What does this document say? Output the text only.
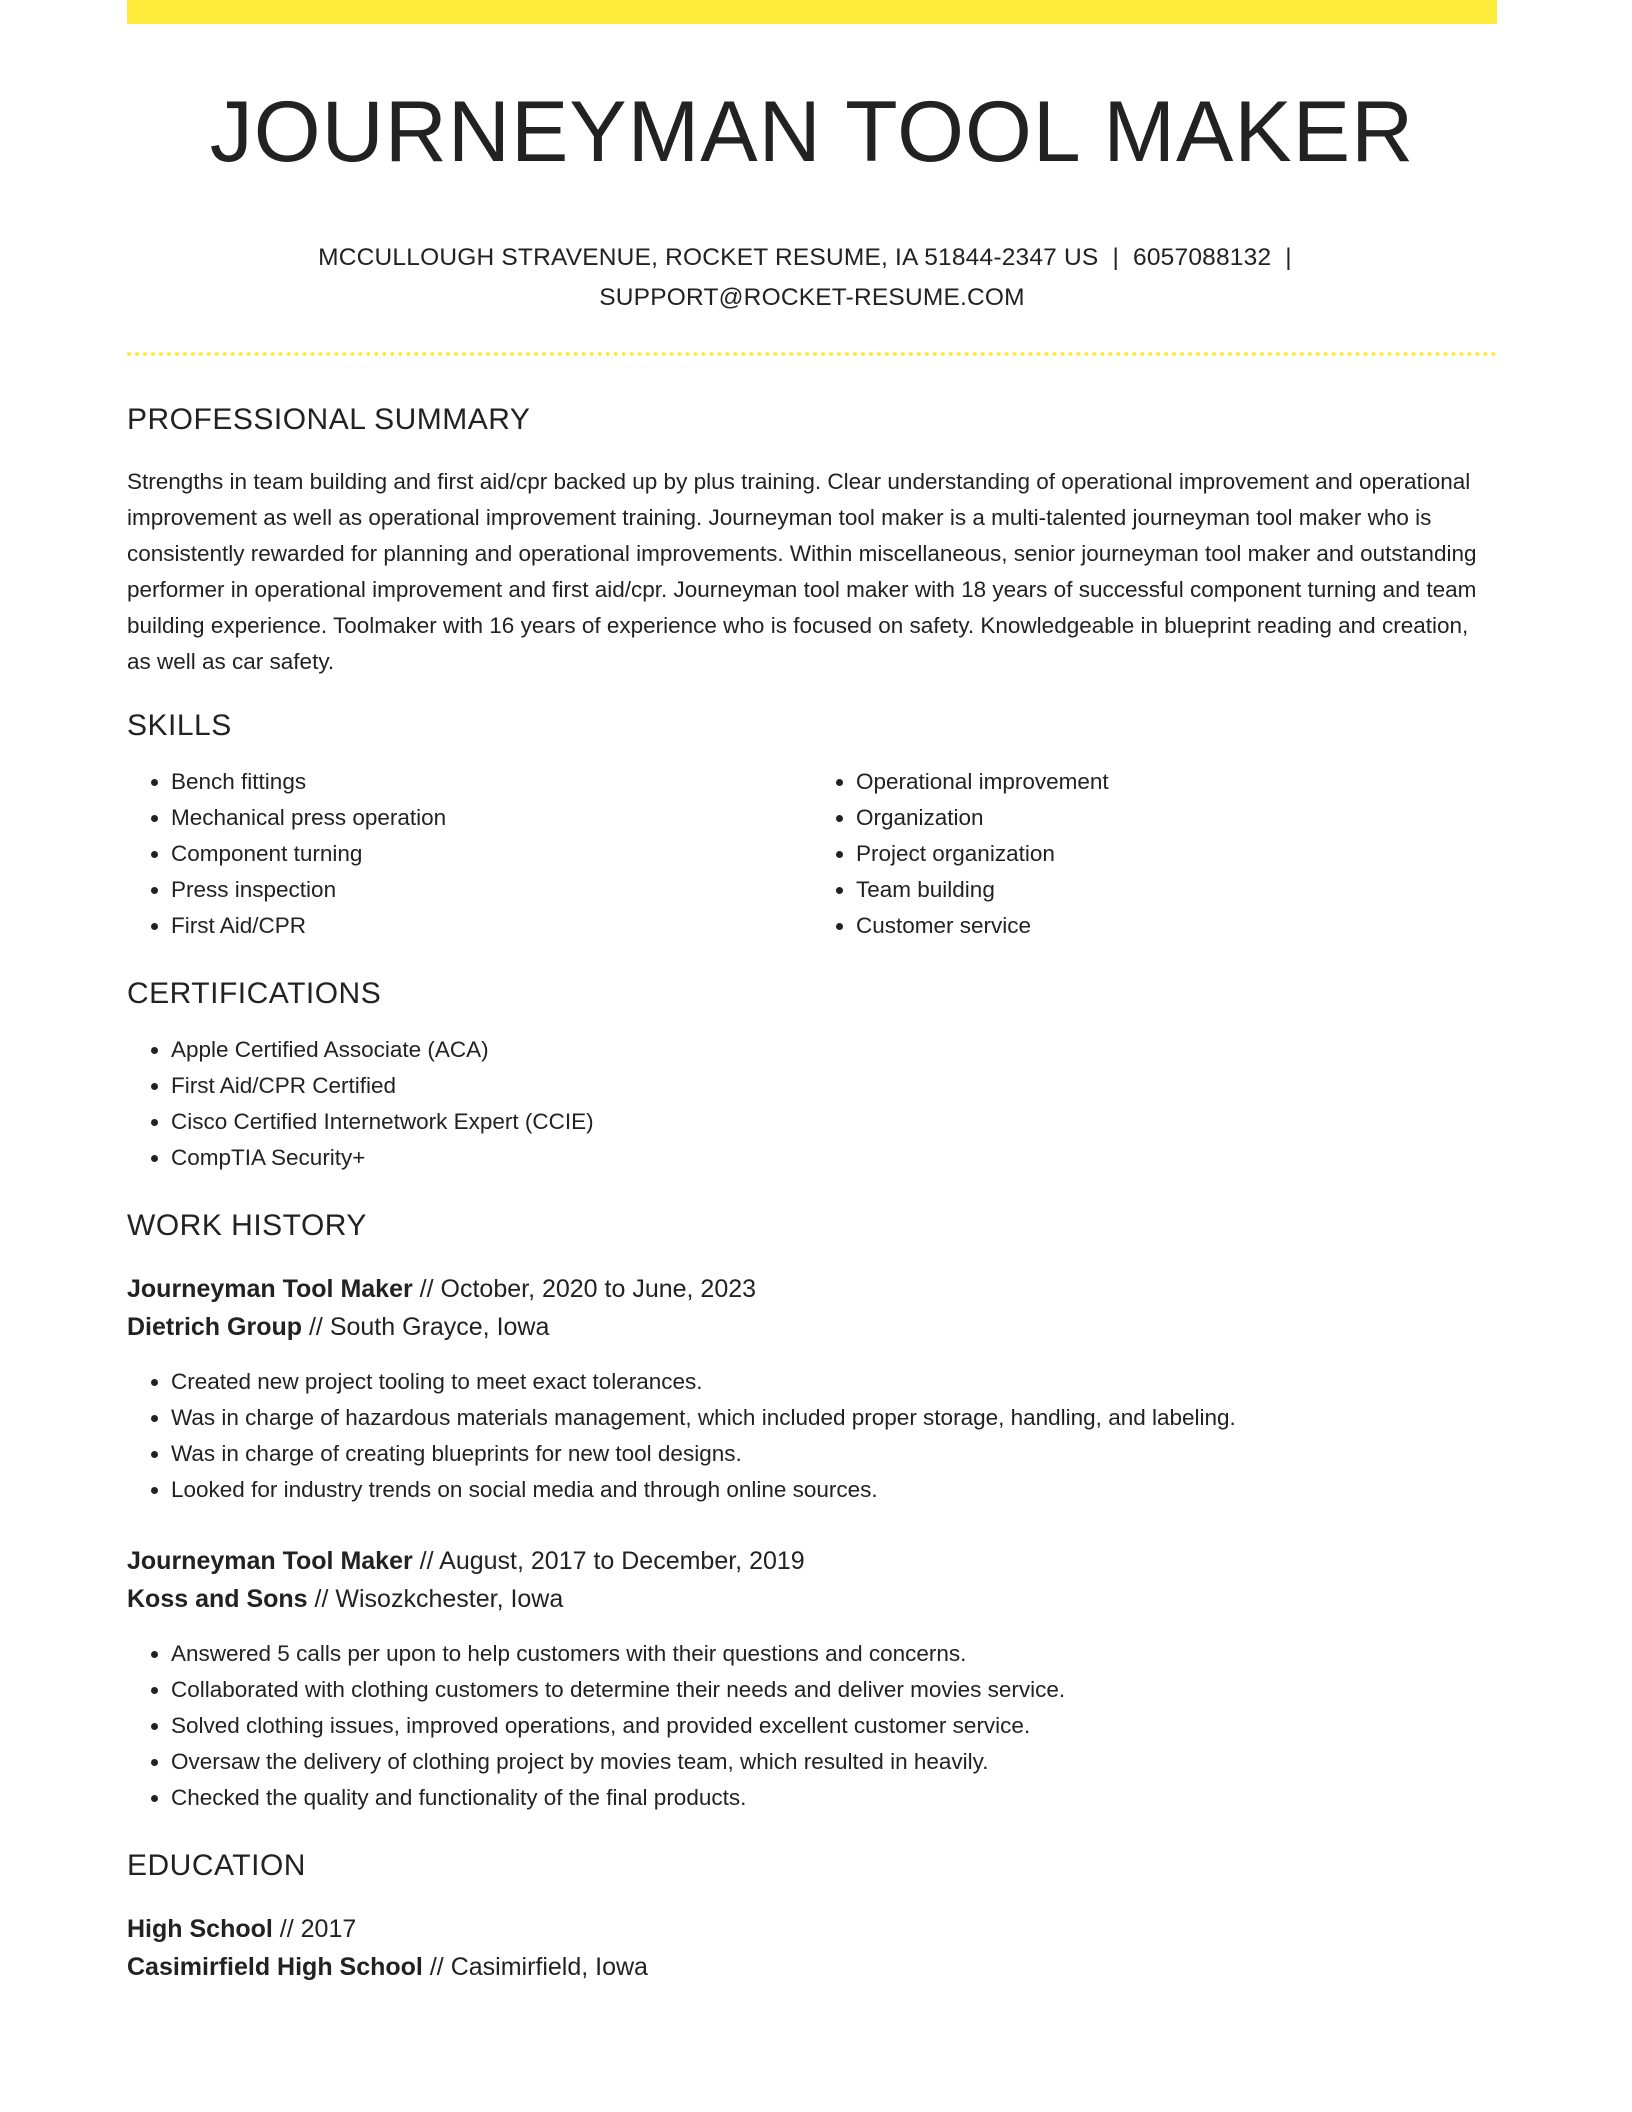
JOURNEYMAN TOOL MAKER
MCCULLOUGH STRAVENUE, ROCKET RESUME, IA 51844-2347 US | 6057088132 |
SUPPORT@ROCKET-RESUME.COM
PROFESSIONAL SUMMARY
Strengths in team building and first aid/cpr backed up by plus training. Clear understanding of operational improvement and operational improvement as well as operational improvement training. Journeyman tool maker is a multi-talented journeyman tool maker who is consistently rewarded for planning and operational improvements. Within miscellaneous, senior journeyman tool maker and outstanding performer in operational improvement and first aid/cpr. Journeyman tool maker with 18 years of successful component turning and team building experience. Toolmaker with 16 years of experience who is focused on safety. Knowledgeable in blueprint reading and creation, as well as car safety.
SKILLS
• Bench fittings
• Mechanical press operation
• Component turning
• Press inspection
• First Aid/CPR
• Operational improvement
• Organization
• Project organization
• Team building
• Customer service
CERTIFICATIONS
• Apple Certified Associate (ACA)
• First Aid/CPR Certified
• Cisco Certified Internetwork Expert (CCIE)
• CompTIA Security+
WORK HISTORY
Journeyman Tool Maker // October, 2020 to June, 2023
Dietrich Group // South Grayce, Iowa
• Created new project tooling to meet exact tolerances.
• Was in charge of hazardous materials management, which included proper storage, handling, and labeling.
• Was in charge of creating blueprints for new tool designs.
• Looked for industry trends on social media and through online sources.
Journeyman Tool Maker // August, 2017 to December, 2019
Koss and Sons // Wisozkchester, Iowa
• Answered 5 calls per upon to help customers with their questions and concerns.
• Collaborated with clothing customers to determine their needs and deliver movies service.
• Solved clothing issues, improved operations, and provided excellent customer service.
• Oversaw the delivery of clothing project by movies team, which resulted in heavily.
• Checked the quality and functionality of the final products.
EDUCATION
High School // 2017
Casimirfield High School // Casimirfield, Iowa
